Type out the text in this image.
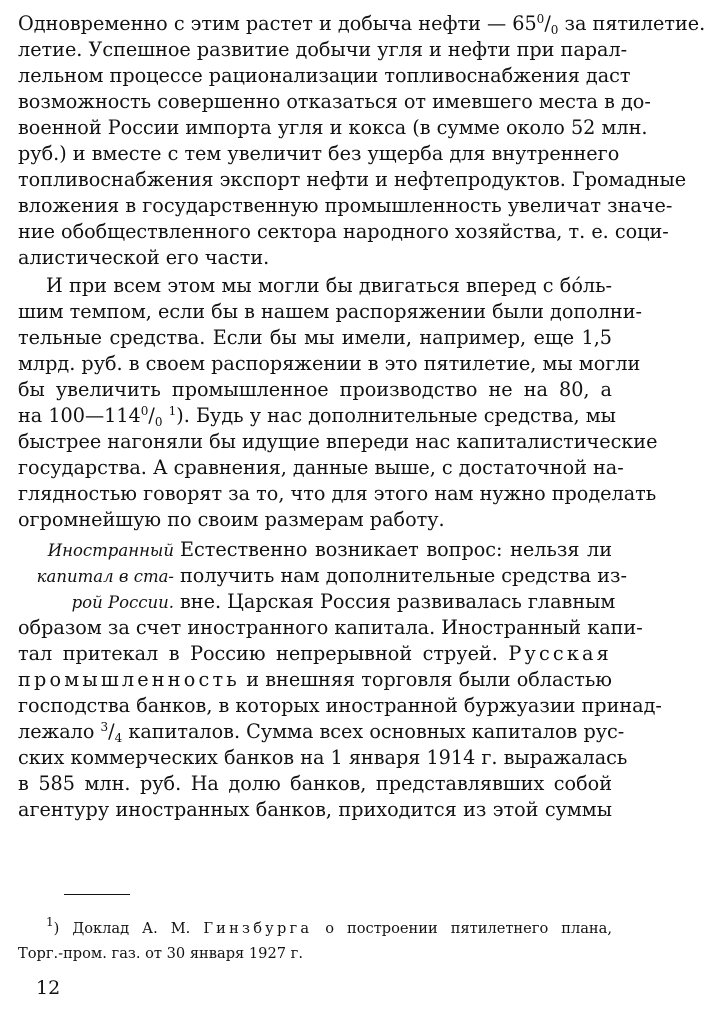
Одновременно с этим растет и добыча нефти — $65^0/_0$ за пятилетие.
летие. Успешное развитие добычи угля и нефти при парал-
лельном процессе рационализации топливоснабжения даст
возможность совершенно отказаться от имевшего места в до-
военной России импорта угля и кокса (в сумме около 52 млн.
руб.) и вместе с тем увеличит без ущерба для внутреннего
топливоснабжения экспорт нефти и нефтепродуктов. Громадные
вложения в государственную промышленность увеличат значе-
ние обобществленного сектора народного хозяйства, т. е. соци-
алистической его части.
И при всем этом мы могли бы двигаться вперед с бо́ль-
шим темпом, если бы в нашем распоряжении были дополни-
тельные средства. Если бы мы имели, например, еще 1,5
млрд. руб. в своем распоряжении в это пятилетие, мы могли
бы увеличить промышленное производство не на 80, а
на $100—114^0/_0$ $^1$). Будь у нас дополнительные средства, мы
быстрее нагоняли бы идущие впереди нас капиталистические
государства. А сравнения, данные выше, с достаточной на-
глядностью говорят за то, что для этого нам нужно проделать
огромнейшую по своим размерам работу.
Иностранный
капитал в ста-
рой России.
Естественно возникает вопрос: нельзя ли
получить нам дополнительные средства из-
вне. Царская Россия развивалась главным
образом за счет иностранного капитала. Иностранный капи-
тал притекал в Россию непрерывной струей. Русская
промышленность и внешняя торговля были областью
господства банков, в которых иностранной буржуазии принад-
лежало $^3/_4$ капиталов. Сумма всех основных капиталов рус-
ских коммерческих банков на 1 января 1914 г. выражалась
в 585 млн. руб. На долю банков, представлявших собой
агентуру иностранных банков, приходится из этой суммы
$^1$) Доклад А. М. Гинзбурга о построении пятилетнего плана,
Торг.-пром. газ. от 30 января 1927 г.
12
